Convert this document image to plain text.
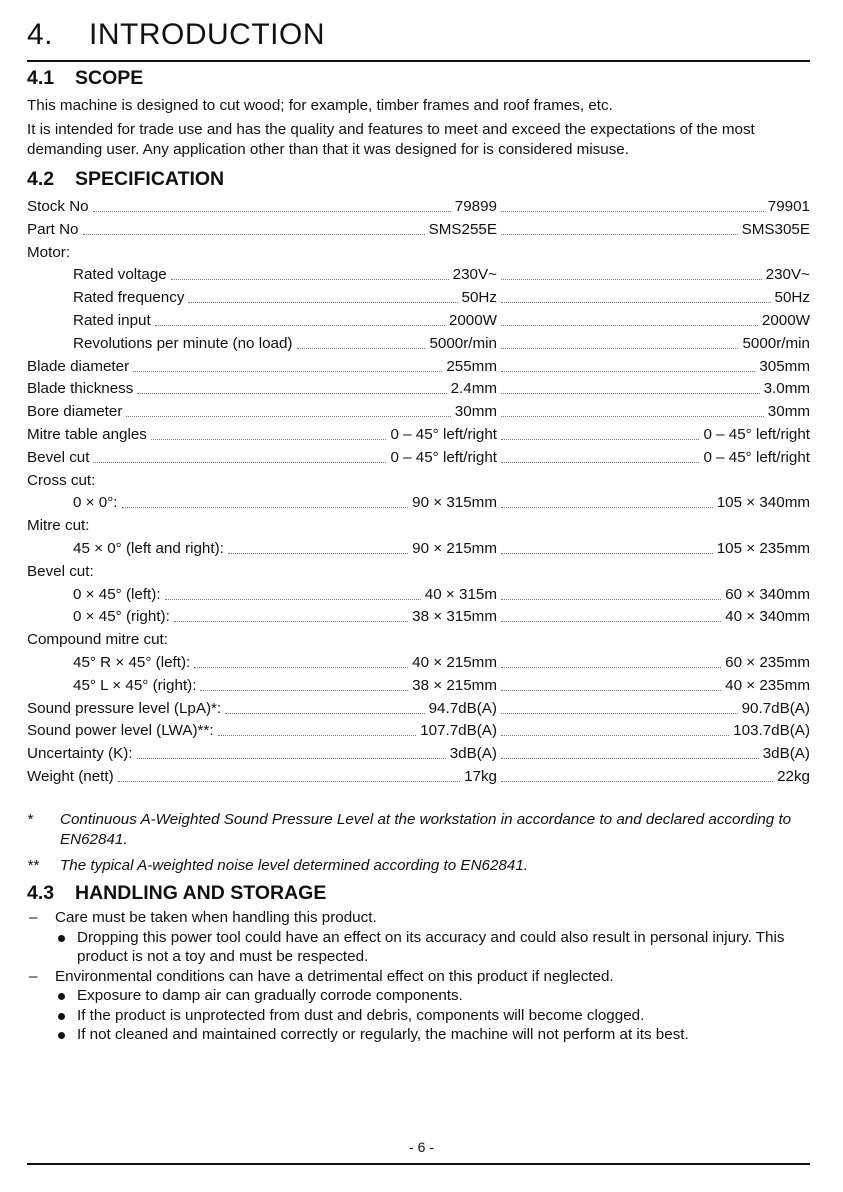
4. INTRODUCTION
4.1 SCOPE
This machine is designed to cut wood; for example, timber frames and roof frames, etc.
It is intended for trade use and has the quality and features to meet and exceed the expectations of the most demanding user. Any application other than that it was designed for is considered misuse.
4.2 SPECIFICATION
Stock No	79899	79901
Part No	SMS255E	SMS305E
Motor:
Rated voltage	230V~	230V~
Rated frequency	50Hz	50Hz
Rated input	2000W	2000W
Revolutions per minute (no load)	5000r/min	5000r/min
Blade diameter	255mm	305mm
Blade thickness	2.4mm	3.0mm
Bore diameter	30mm	30mm
Mitre table angles	0 – 45° left/right	0 – 45° left/right
Bevel cut	0 – 45° left/right	0 – 45° left/right
Cross cut:
0 × 0°:	90 × 315mm	105 × 340mm
Mitre cut:
45 × 0° (left and right):	90 × 215mm	105 × 235mm
Bevel cut:
0 × 45° (left):	40 × 315m	60 × 340mm
0 × 45° (right):	38 × 315mm	40 × 340mm
Compound mitre cut:
45° R × 45° (left):	40 × 215mm	60 × 235mm
45° L × 45° (right):	38 × 215mm	40 × 235mm
Sound pressure level (LpA)*:	94.7dB(A)	90.7dB(A)
Sound power level (LWA)**:	107.7dB(A)	103.7dB(A)
Uncertainty (K):	3dB(A)	3dB(A)
Weight (nett)	17kg	22kg
* Continuous A-Weighted Sound Pressure Level at the workstation in accordance to and declared according to EN62841.
** The typical A-weighted noise level determined according to EN62841.
4.3 HANDLING AND STORAGE
– Care must be taken when handling this product.
Dropping this power tool could have an effect on its accuracy and could also result in personal injury. This product is not a toy and must be respected.
– Environmental conditions can have a detrimental effect on this product if neglected.
Exposure to damp air can gradually corrode components.
If the product is unprotected from dust and debris, components will become clogged.
If not cleaned and maintained correctly or regularly, the machine will not perform at its best.
- 6 -
